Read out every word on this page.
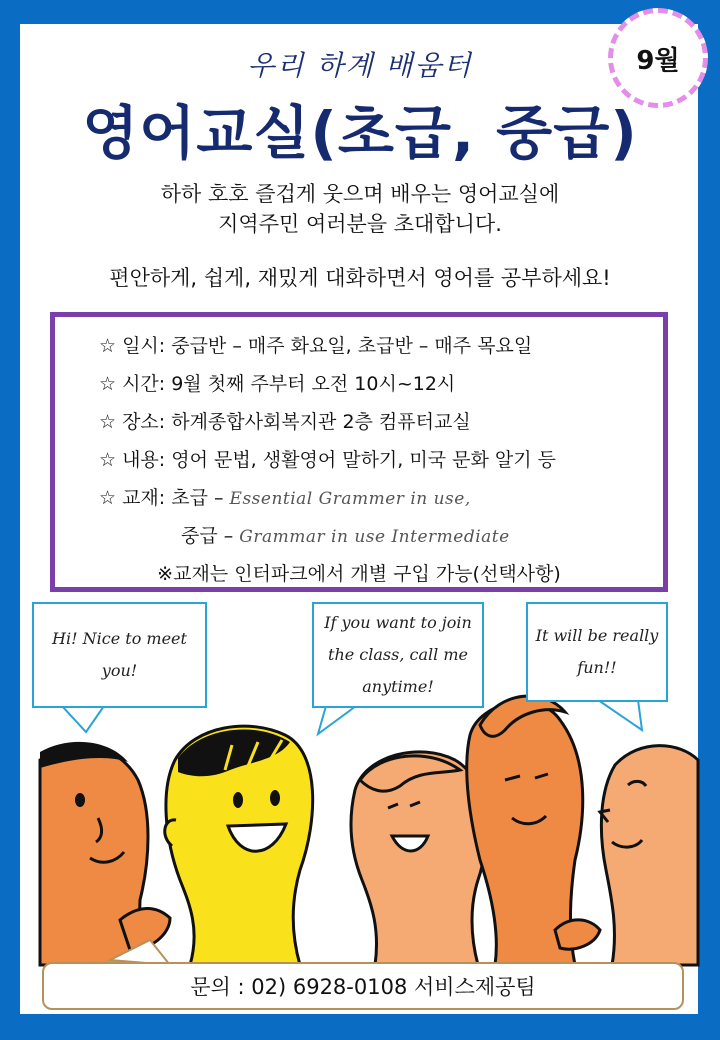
9월
우리 하계 배움터
영어교실(초급, 중급)
하하 호호 즐겁게 웃으며 배우는 영어교실에
지역주민 여러분을 초대합니다.
편안하게, 쉽게, 재밌게 대화하면서 영어를 공부하세요!
☆ 일시: 중급반 – 매주 화요일, 초급반 – 매주 목요일
☆ 시간: 9월 첫째 주부터 오전 10시~12시
☆ 장소: 하계종합사회복지관 2층 컴퓨터교실
☆ 내용: 영어 문법, 생활영어 말하기, 미국 문화 알기 등
☆ 교재: 초급 – Essential Grammer in use,
중급 – Grammar in use Intermediate
※교재는 인터파크에서 개별 구입 가능(선택사항)
Hi! Nice to meet you!
If you want to join the class, call me anytime!
It will be really fun!!
문의 : 02) 6928-0108 서비스제공팀
